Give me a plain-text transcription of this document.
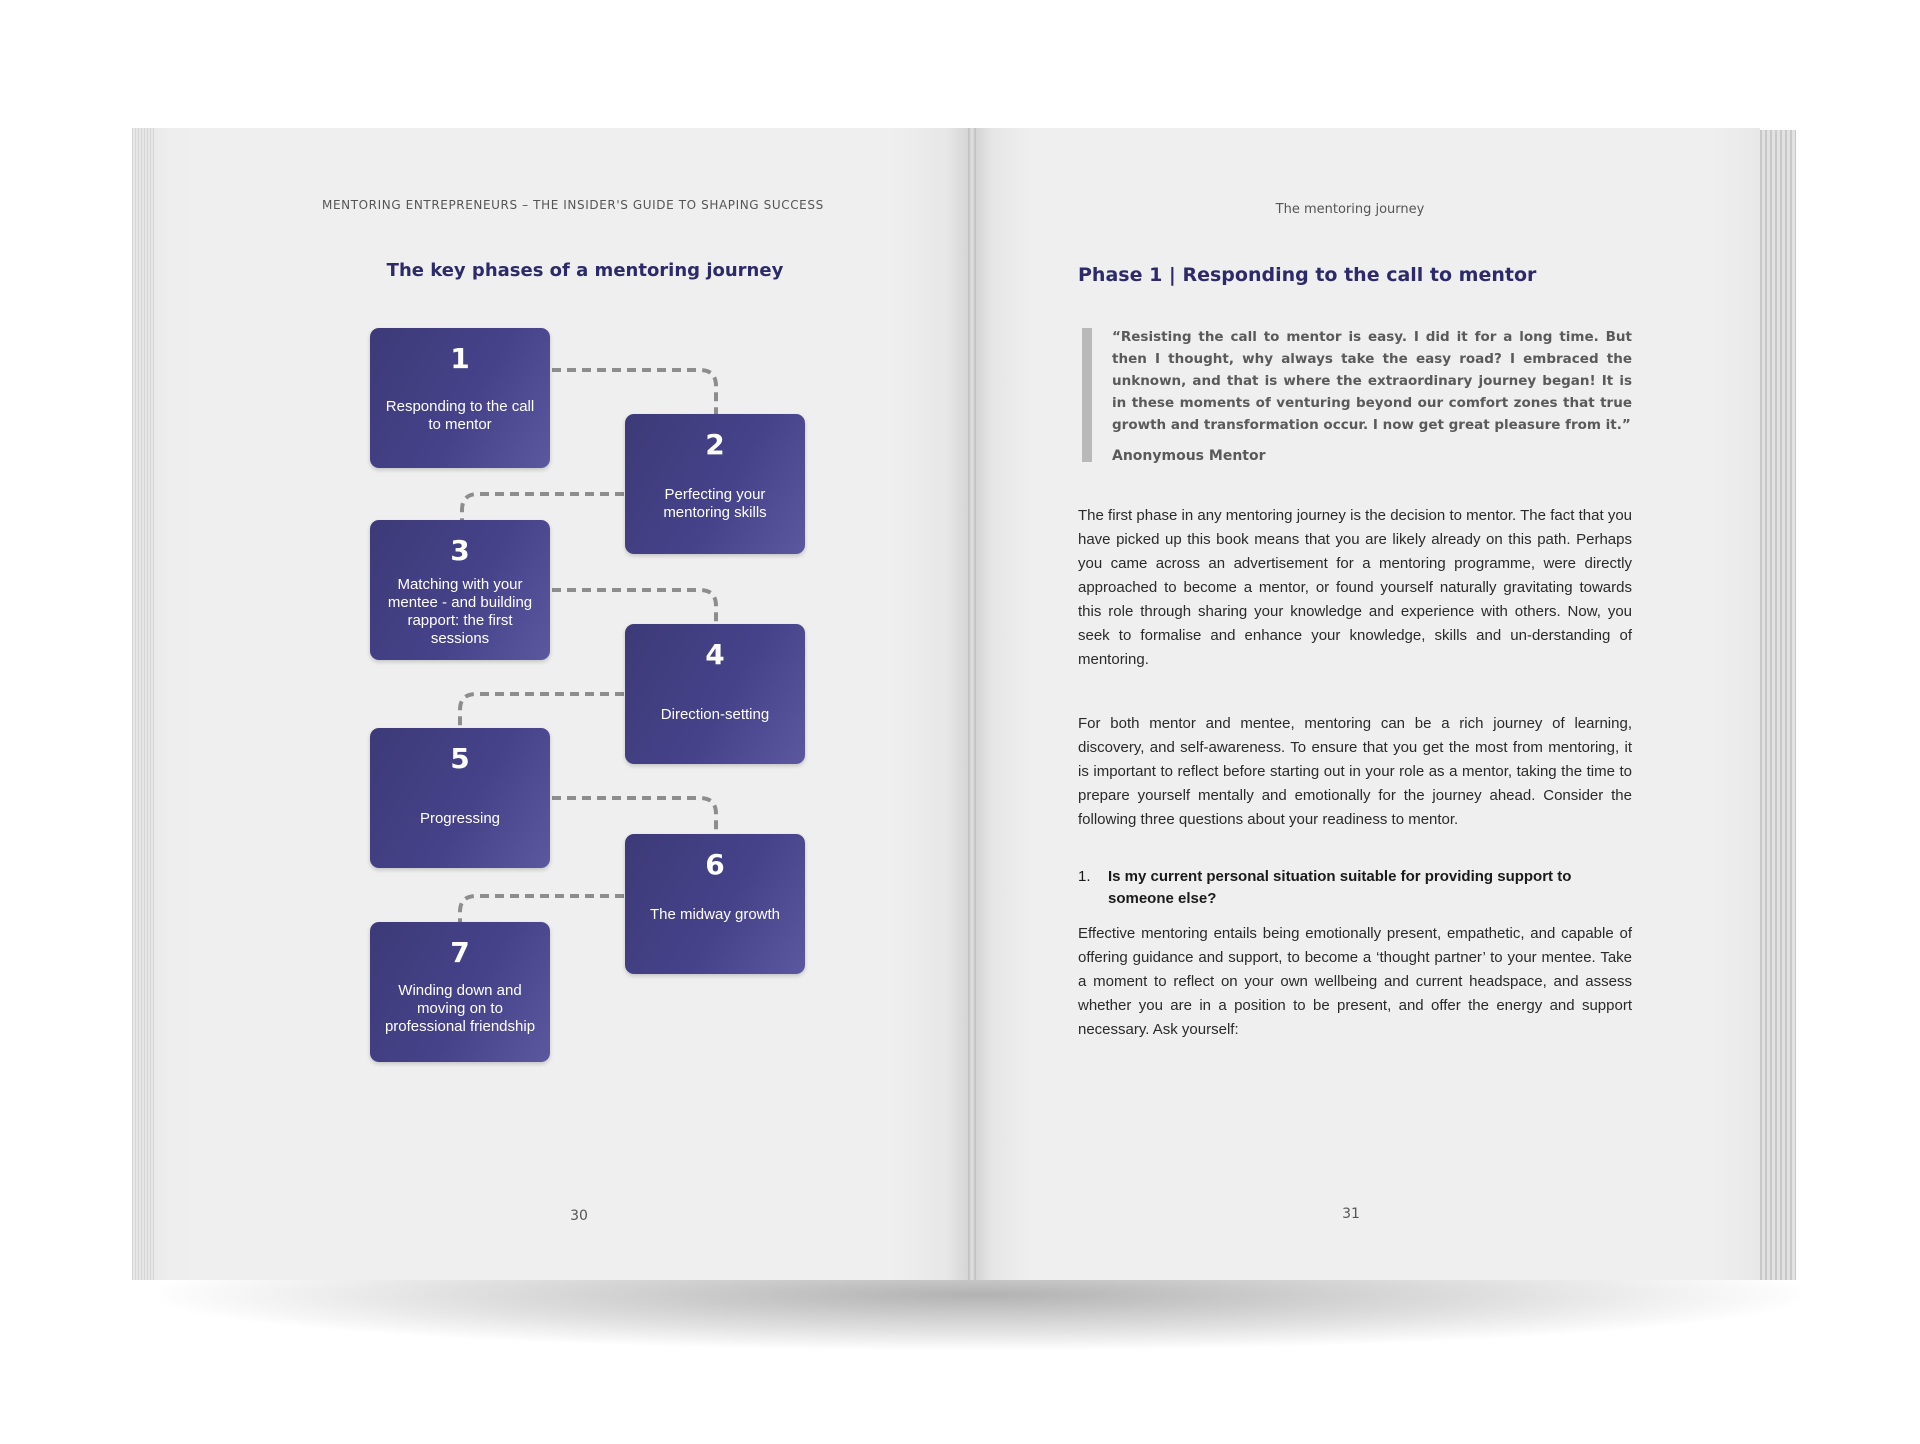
MENTORING ENTREPRENEURS – THE INSIDER'S GUIDE TO SHAPING SUCCESS
The key phases of a mentoring journey
1
Responding to the call to mentor
2
Perfecting your mentoring skills
3
Matching with your mentee - and building rapport: the first sessions	4
Direction-setting
5
Progressing
6
The midway growth
7
Winding down and moving on to professional friendship
30
The mentoring journey
Phase 1 | Responding to the call to mentor
“Resisting the call to mentor is easy. I did it for a long time. But then I thought, why always take the easy road? I embraced the unknown, and that is where the extraordinary journey began! It is in these moments of venturing beyond our comfort zones that true growth and transformation occur. I now get great pleasure from it.”
Anonymous Mentor
The first phase in any mentoring journey is the decision to mentor. The fact that you have picked up this book means that you are likely already on this path. Perhaps you came across an advertisement for a mentoring programme, were directly approached to become a mentor, or found yourself naturally gravitating towards this role through sharing your knowledge and experience with others. Now, you seek to formalise and enhance your knowledge, skills and un-derstanding of mentoring.
For both mentor and mentee, mentoring can be a rich journey of learning, discovery, and self-awareness. To ensure that you get the most from mentoring, it is important to reflect before starting out in your role as a mentor, taking the time to prepare yourself mentally and emotionally for the journey ahead. Consider the following three questions about your readiness to mentor.
1.	Is my current personal situation suitable for providing support to someone else?
Effective mentoring entails being emotionally present, empathetic, and capable of offering guidance and support, to become a ‘thought partner’ to your mentee. Take a moment to reflect on your own wellbeing and current headspace, and assess whether you are in a position to be present, and offer the energy and support necessary. Ask yourself:
31
